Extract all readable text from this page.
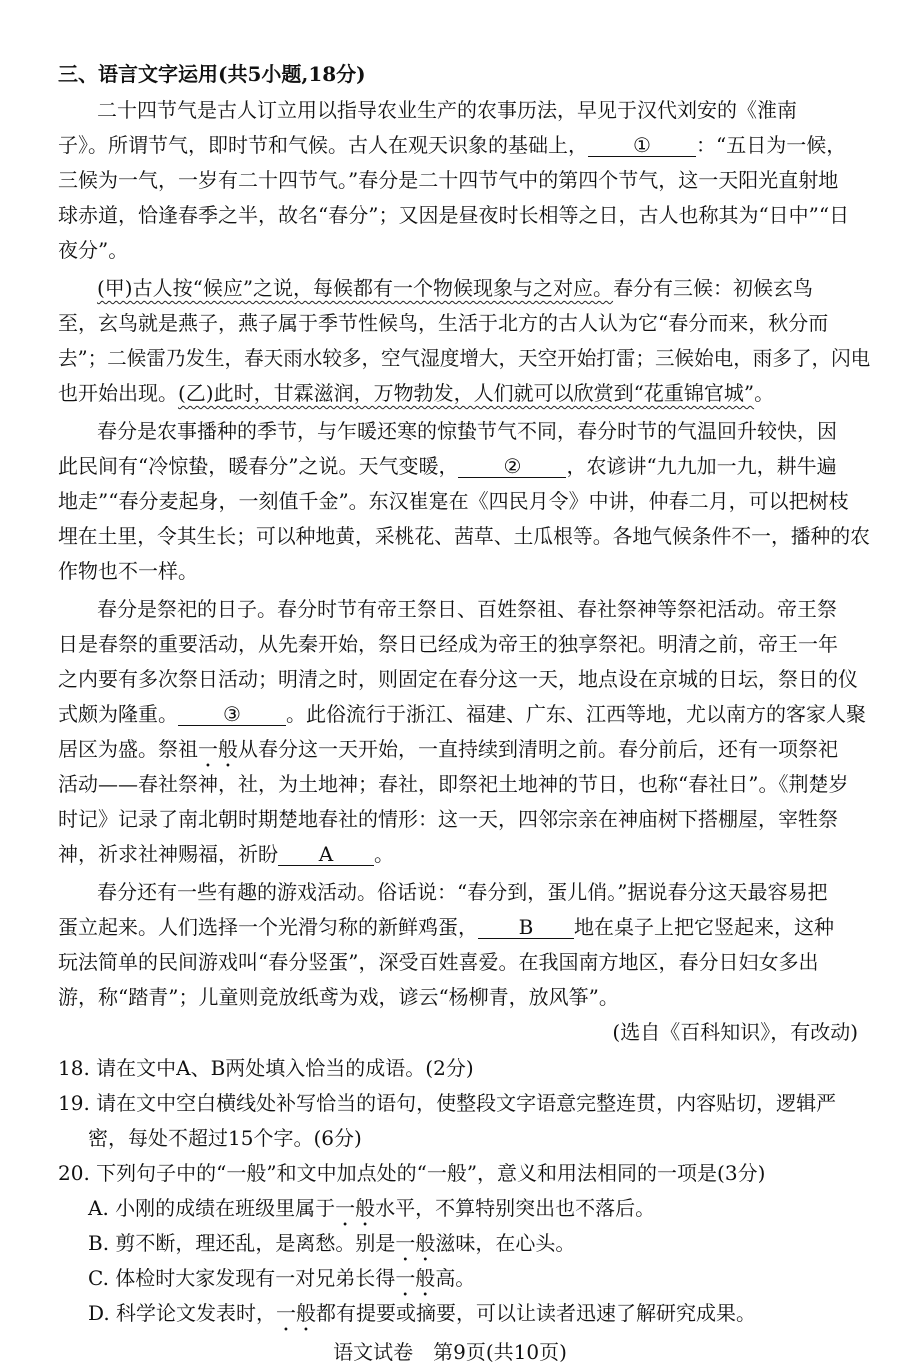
三、语言文字运用(共5小题,18分)
二十四节气是古人订立用以指导农业生产的农事历法，早见于汉代刘安的《淮南
子》。所谓节气，即时节和气候。古人在观天识象的基础上， ① ：“五日为一候，
三候为一气，一岁有二十四节气。”春分是二十四节气中的第四个节气，这一天阳光直射地
球赤道，恰逢春季之半，故名“春分”；又因是昼夜时长相等之日，古人也称其为“日中”“日
夜分”。
(甲)古人按“候应”之说，每候都有一个物候现象与之对应。春分有三候：初候玄鸟
至，玄鸟就是燕子，燕子属于季节性候鸟，生活于北方的古人认为它“春分而来，秋分而
去”；二候雷乃发生，春天雨水较多，空气湿度增大，天空开始打雷；三候始电，雨多了，闪电
也开始出现。(乙)此时，甘霖滋润，万物勃发，人们就可以欣赏到“花重锦官城”。
春分是农事播种的季节，与乍暖还寒的惊蛰节气不同，春分时节的气温回升较快，因
此民间有“冷惊蛰，暖春分”之说。天气变暖， ② ，农谚讲“九九加一九，耕牛遍
地走”“春分麦起身，一刻值千金”。东汉崔寔在《四民月令》中讲，仲春二月，可以把树枝
埋在土里，令其生长；可以种地黄，采桃花、茜草、土瓜根等。各地气候条件不一，播种的农
作物也不一样。
春分是祭祀的日子。春分时节有帝王祭日、百姓祭祖、春社祭神等祭祀活动。帝王祭
日是春祭的重要活动，从先秦开始，祭日已经成为帝王的独享祭祀。明清之前，帝王一年
之内要有多次祭日活动；明清之时，则固定在春分这一天，地点设在京城的日坛，祭日的仪
式颇为隆重。 ③ 。此俗流行于浙江、福建、广东、江西等地，尤以南方的客家人聚
居区为盛。祭祖一般从春分这一天开始，一直持续到清明之前。春分前后，还有一项祭祀
活动——春社祭神，社，为土地神；春社，即祭祀土地神的节日，也称“春社日”。《荆楚岁
时记》记录了南北朝时期楚地春社的情形：这一天，四邻宗亲在神庙树下搭棚屋，宰牲祭
神，祈求社神赐福，祈盼 A 。
春分还有一些有趣的游戏活动。俗话说：“春分到，蛋儿俏。”据说春分这天最容易把
蛋立起来。人们选择一个光滑匀称的新鲜鸡蛋， B 地在桌子上把它竖起来，这种
玩法简单的民间游戏叫“春分竖蛋”，深受百姓喜爱。在我国南方地区，春分日妇女多出
游，称“踏青”；儿童则竞放纸鸢为戏，谚云“杨柳青，放风筝”。
(选自《百科知识》，有改动)
18. 请在文中A、B两处填入恰当的成语。(2分)
19. 请在文中空白横线处补写恰当的语句，使整段文字语意完整连贯，内容贴切，逻辑严
密，每处不超过15个字。(6分)
20. 下列句子中的“一般”和文中加点处的“一般”，意义和用法相同的一项是(3分)
A. 小刚的成绩在班级里属于一般水平，不算特别突出也不落后。
B. 剪不断，理还乱，是离愁。别是一般滋味，在心头。
C. 体检时大家发现有一对兄弟长得一般高。
D. 科学论文发表时，一般都有提要或摘要，可以让读者迅速了解研究成果。
语文试卷　第9页(共10页)
